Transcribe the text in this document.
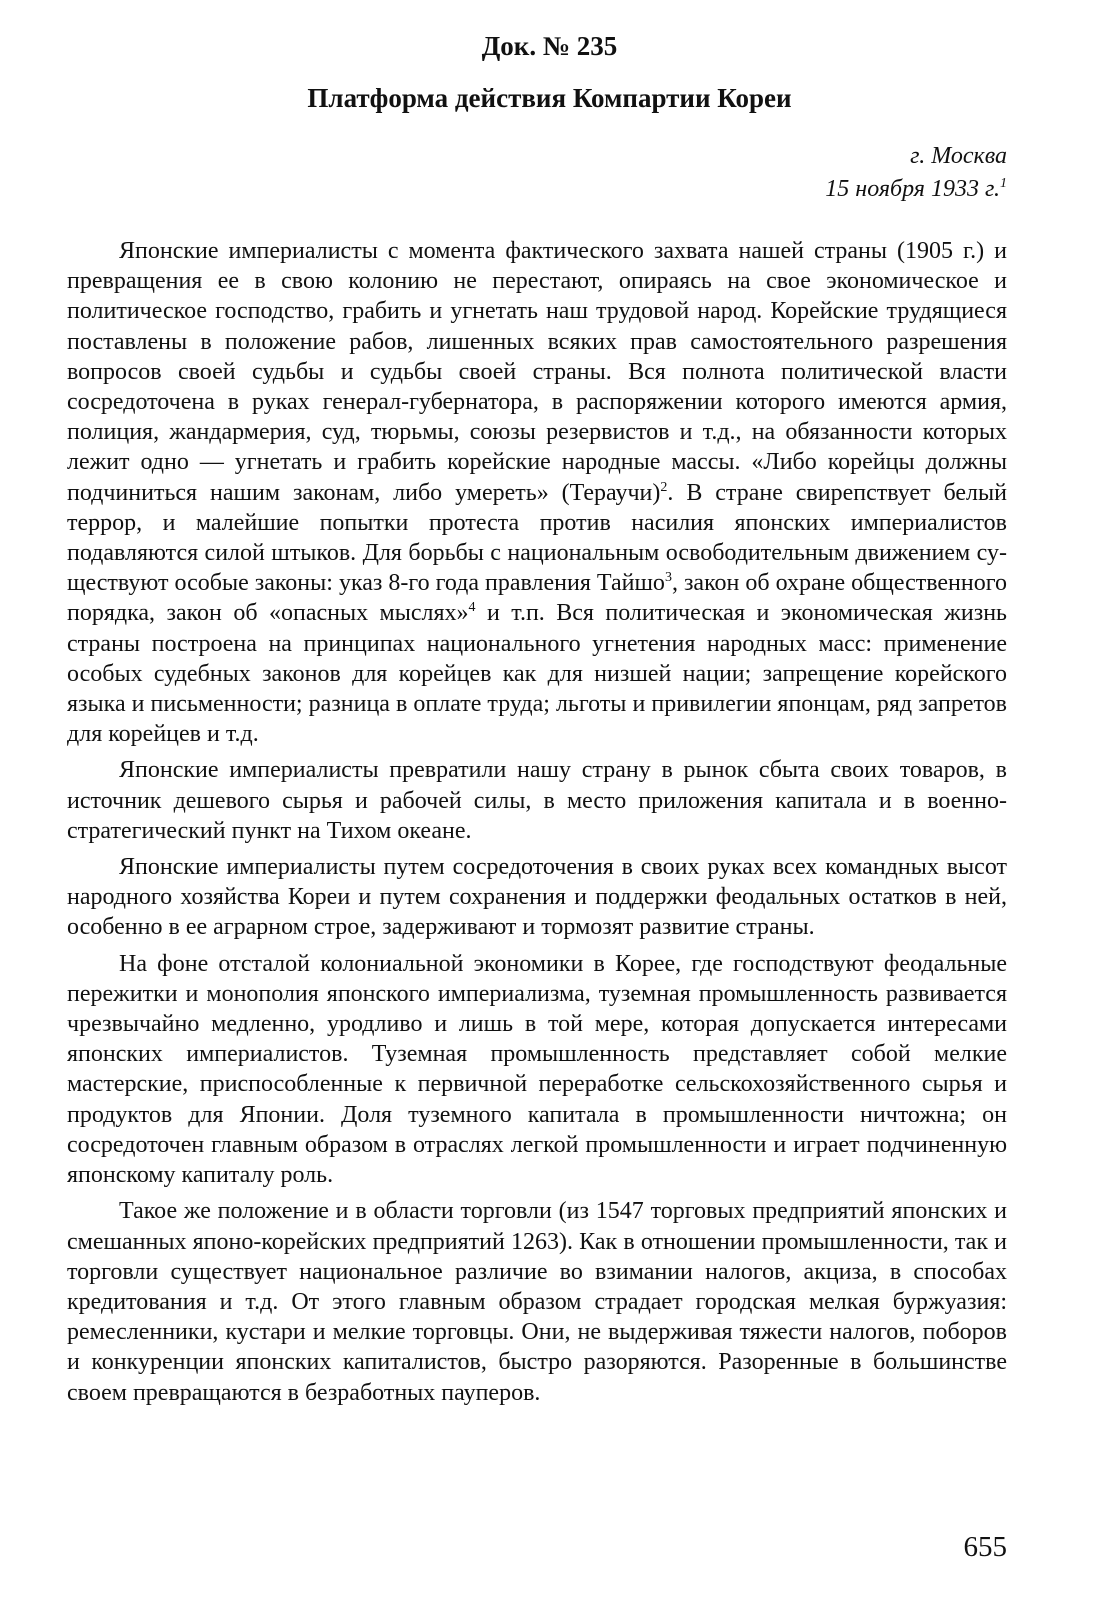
Док. № 235
Платформа действия Компартии Кореи
г. Москва
15 ноября 1933 г.$^1$

Японские империалисты с момента фактического захвата нашей страны (1905 г.) и превращения ее в свою колонию не перестают, опираясь на свое экономическое и политическое господство, грабить и угнетать наш трудовой народ. Корейские трудящиеся поставлены в положение рабов, лишенных всяких прав самостоятельного разрешения вопросов своей судьбы и судьбы своей страны. Вся полнота политической власти сосредоточена в руках генерал-губернатора, в распоряжении которого имеются армия, полиция, жандармерия, суд, тюрьмы, союзы резервистов и т.д., на обязанности которых лежит одно — угнетать и грабить корейские народные массы. «Либо корейцы должны подчиниться нашим законам, либо умереть» (Тераучи)$^2$. В стране свирепствует белый террор, и малейшие попытки протеста против насилия японских империалистов подавляются силой штыков. Для борьбы с национальным освободительным движением существуют особые законы: указ 8-го года правления Тайшо$^3$, закон об охране общественного порядка, закон об «опасных мыслях»$^4$ и т.п. Вся политическая и экономическая жизнь страны построена на принципах национального угнетения народных масс: применение особых судебных законов для корейцев как для низшей нации; запрещение корейского языка и письменности; разница в оплате труда; льготы и привилегии японцам, ряд запретов для корейцев и т.д.

Японские империалисты превратили нашу страну в рынок сбыта своих товаров, в источник дешевого сырья и рабочей силы, в место приложения капитала и в военно-стратегический пункт на Тихом океане.

Японские империалисты путем сосредоточения в своих руках всех командных высот народного хозяйства Кореи и путем сохранения и поддержки феодальных остатков в ней, особенно в ее аграрном строе, задерживают и тормозят развитие страны.

На фоне отсталой колониальной экономики в Корее, где господствуют феодальные пережитки и монополия японского империализма, туземная промышленность развивается чрезвычайно медленно, уродливо и лишь в той мере, которая допускается интересами японских империалистов. Туземная промышленность представляет собой мелкие мастерские, приспособленные к первичной переработке сельскохозяйственного сырья и продуктов для Японии. Доля туземного капитала в промышленности ничтожна; он сосредоточен главным образом в отраслях легкой промышленности и играет подчиненную японскому капиталу роль.

Такое же положение и в области торговли (из 1547 торговых предприятий японских и смешанных японо-корейских предприятий 1263). Как в отношении промышленности, так и торговли существует национальное различие во взимании налогов, акциза, в способах кредитования и т.д. От этого главным образом страдает городская мелкая буржуазия: ремесленники, кустари и мелкие торговцы. Они, не выдерживая тяжести налогов, поборов и конкуренции японских капиталистов, быстро разоряются. Разоренные в большинстве своем превращаются в безработных пауперов.

655
